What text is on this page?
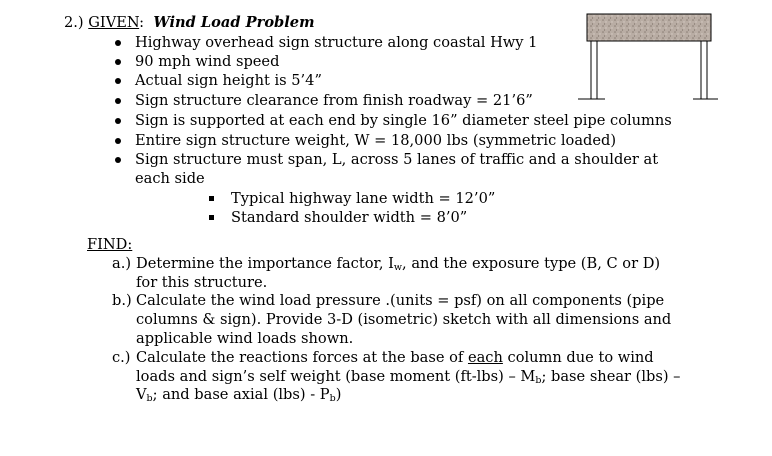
2.) GIVEN: Wind Load Problem
Highway overhead sign structure along coastal Hwy 1
90 mph wind speed
Actual sign height is 5’4”
Sign structure clearance from finish roadway = 21’6”
Sign is supported at each end by single 16” diameter steel pipe columns
Entire sign structure weight, W = 18,000 lbs (symmetric loaded)
Sign structure must span, L, across 5 lanes of traffic and a shoulder at
each side
Typical highway lane width = 12’0”
Standard shoulder width = 8’0”
FIND:
a.) Determine the importance factor, $I_w$, and the exposure type (B, C or D)
for this structure.
b.) Calculate the wind load pressure .(units = psf) on all components (pipe
columns & sign). Provide 3-D (isometric) sketch with all dimensions and
applicable wind loads shown.
c.) Calculate the reactions forces at the base of each column due to wind
loads and sign’s self weight (base moment $(ft-lbs) - M_b$; base shear (lbs) –
$V_b$; and base axial $(lbs) - P_b$)
